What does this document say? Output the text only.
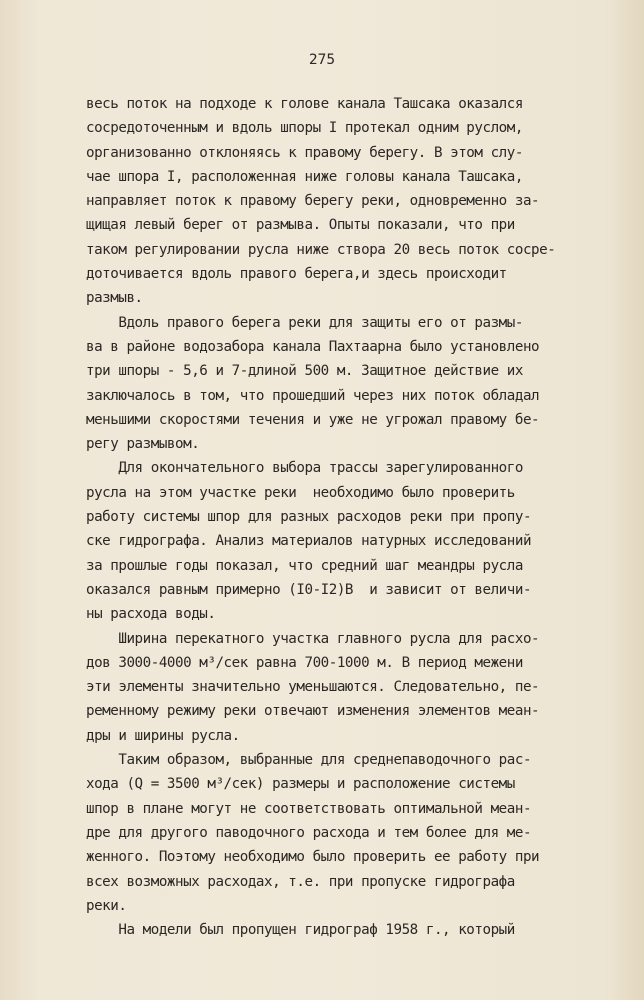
275
весь поток на подходе к голове канала Ташсака оказался
сосредоточенным и вдоль шпоры I протекал одним руслом,
организованно отклоняясь к правому берегу. В этом слу-
чае шпора I, расположенная ниже головы канала Ташсака,
направляет поток к правому берегу реки, одновременно за-
щищая левый берег от размыва. Опыты показали, что при
таком регулировании русла ниже створа 20 весь поток сосре-
доточивается вдоль правого берега,и здесь происходит
размыв.
Вдоль правого берега реки для защиты его от размы-
ва в районе водозабора канала Пахтаарна было установлено
три шпоры - 5,6 и 7-длиной 500 м. Защитное действие их
заключалось в том, что прошедший через них поток обладал
меньшими скоростями течения и уже не угрожал правому бе-
регу размывом.
Для окончательного выбора трассы зарегулированного
русла на этом участке реки  необходимо было проверить
работу системы шпор для разных расходов реки при пропу-
ске гидрографа. Анализ материалов натурных исследований
за прошлые годы показал, что средний шаг меандры русла
оказался равным примерно (I0-I2)B  и зависит от величи-
ны расхода воды.
Ширина перекатного участка главного русла для расхо-
дов 3000-4000 м³/сек равна 700-1000 м. В период межени
эти элементы значительно уменьшаются. Следовательно, пе-
ременному режиму реки отвечают изменения элементов меан-
дры и ширины русла.
Таким образом, выбранные для среднепаводочного рас-
хода (Q = 3500 м³/сек) размеры и расположение системы
шпор в плане могут не соответствовать оптимальной меан-
дре для другого паводочного расхода и тем более для ме-
женного. Поэтому необходимо было проверить ее работу при
всех возможных расходах, т.е. при пропуске гидрографа
реки.
На модели был пропущен гидрограф 1958 г., который
